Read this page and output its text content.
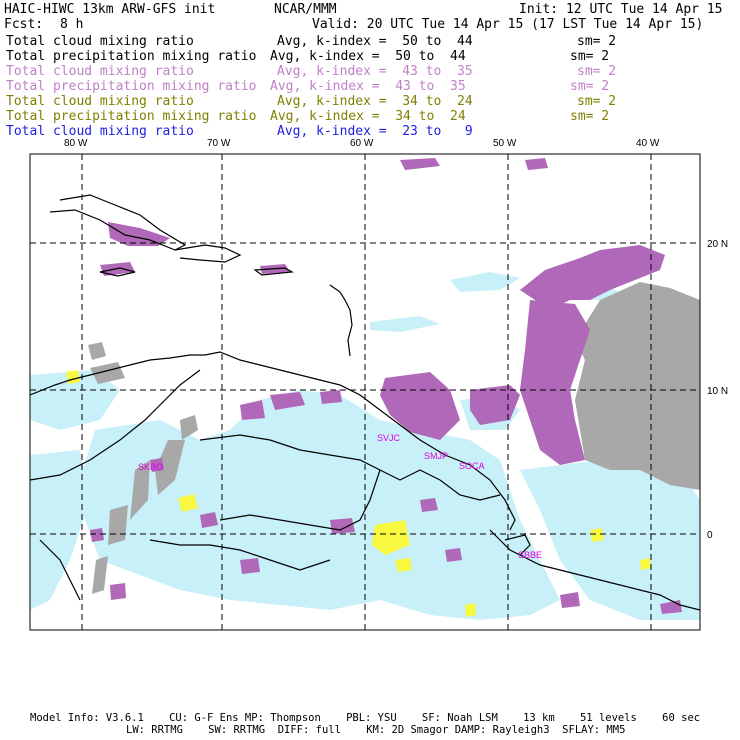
HAIC-HIWC 13km ARW-GFS init	NCAR/MMM	Init: 12 UTC Tue 14 Apr 15
Fcst: 8 h	Valid: 20 UTC Tue 14 Apr 15 (17 LST Tue 14 Apr 15)
Total cloud mixing ratio	Avg, k-index =  50 to  44	sm= 2
Total precipitation mixing ratio Avg, k-index =  50 to  44	sm= 2
Total cloud mixing ratio	Avg, k-index =  43 to  35	sm= 2
Total precipitation mixing ratio Avg, k-index =  43 to  35	sm= 2
Total cloud mixing ratio	Avg, k-index =  34 to  24	sm= 2
Total precipitation mixing ratio Avg, k-index =  34 to  24	sm= 2
Total cloud mixing ratio	Avg, k-index =  23 to   9
80 W	70 W	60 W	50 W	40 W
20 N
10 N
0
SKBO
SVJC
SMJP
SOCA
SBBE
Model Info: V3.6.1    CU: G-F Ens MP: Thompson    PBL: YSU    SF: Noah LSM    13 km    51 levels    60 sec
LW: RRTMG    SW: RRTMG  DIFF: full    KM: 2D Smagor DAMP: Rayleigh3  SFLAY: MM5
